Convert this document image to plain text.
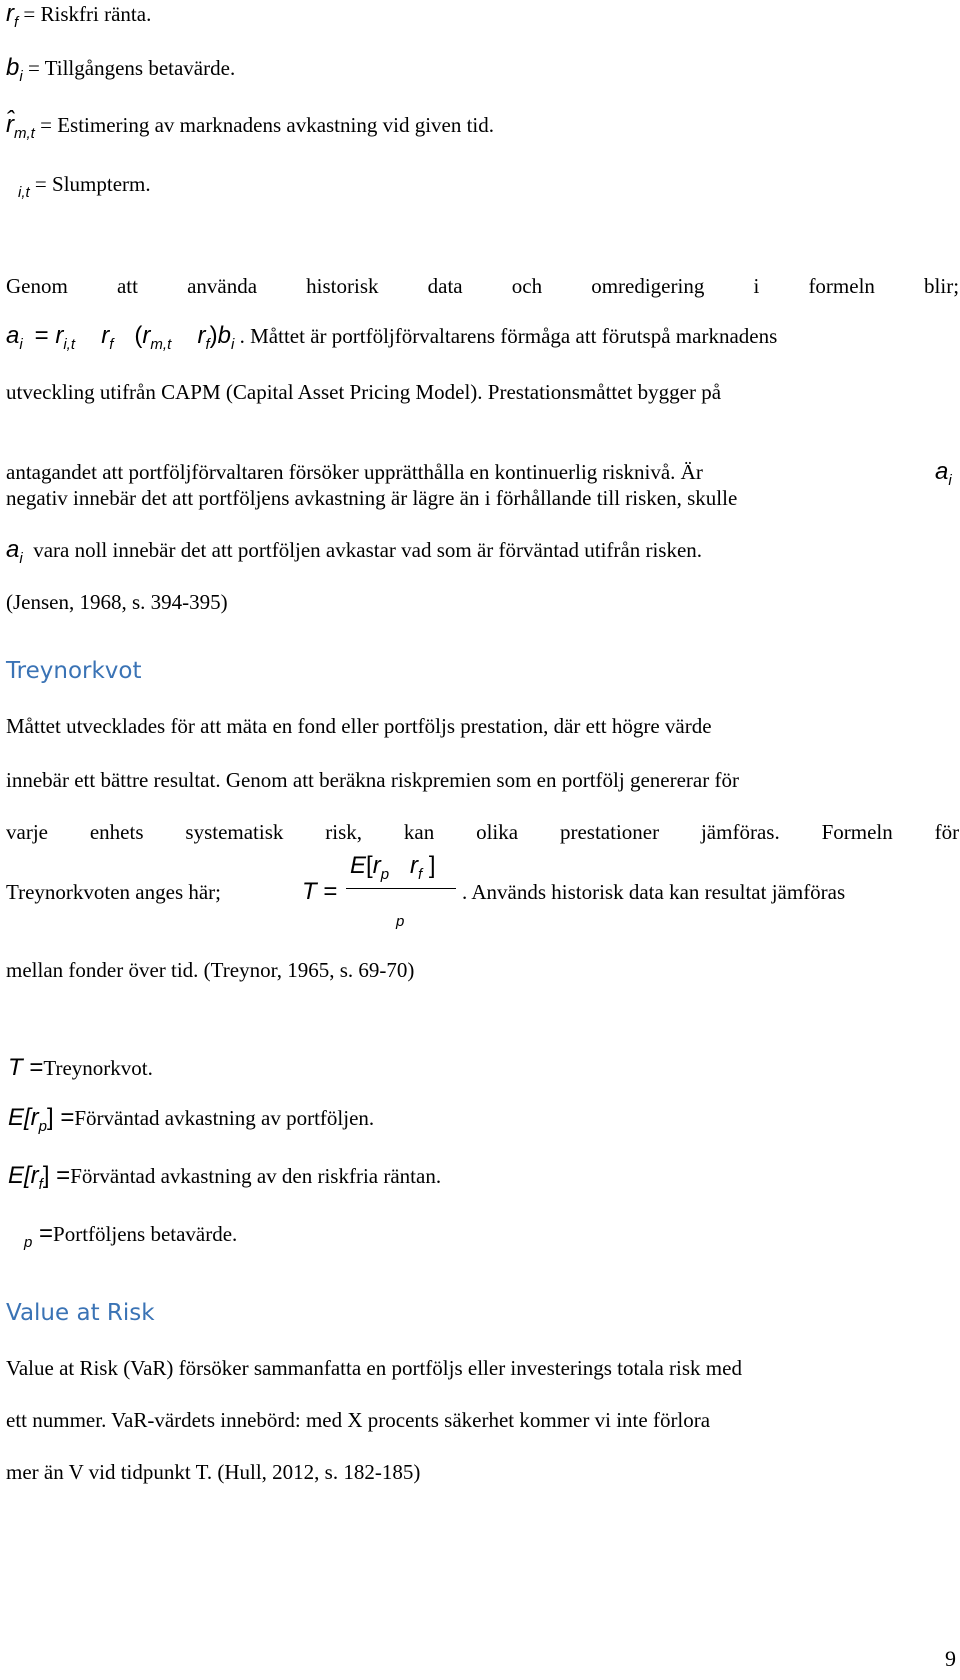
$r_f$ = Riskfri ränta.
$b_i$ = Tillgångens betavärde.
$r̂_{m,t}$ = Estimering av marknadens avkastning vid given tid.
$_{i,t}$ = Slumpterm.
Genom att använda historisk data och omredigering i formeln blir;
$a_i = r_{i,t}$ $r_f$ ($r_{m,t}$ $r_f)b_i$ . Måttet är portföljförvaltarens förmåga att förutspå marknadens
utveckling utifrån CAPM (Capital Asset Pricing Model). Prestationsmåttet bygger på
antagandet att portföljförvaltaren försöker upprätthålla en kontinuerlig risknivå. Är	$a_i$
negativ innebär det att portföljens avkastning är lägre än i förhållande till risken, skulle
$a_i$ vara noll innebär det att portföljen avkastar vad som är förväntad utifrån risken.
(Jensen, 1968, s. 394-395)
Treynorkvot
Måttet utvecklades för att mäta en fond eller portföljs prestation, där ett högre värde
innebär ett bättre resultat. Genom att beräkna riskpremien som en portfölj genererar för
varje enhets systematisk risk, kan olika prestationer jämföras. Formeln för
Treynorkvoten anges här;	T =
$E[r_p$ $r_f$ ]
p
. Används historisk data kan resultat jämföras
mellan fonder över tid. (Treynor, 1965, s. 69-70)
T =Treynorkvot.
$E[r_p]$ =Förväntad avkastning av portföljen.
$E[r_f]$ =Förväntad avkastning av den riskfria räntan.
$_p$ =Portföljens betavärde.
Value at Risk
Value at Risk (VaR) försöker sammanfatta en portföljs eller investerings totala risk med
ett nummer. VaR-värdets innebörd: med X procents säkerhet kommer vi inte förlora
mer än V vid tidpunkt T. (Hull, 2012, s. 182-185)
9
